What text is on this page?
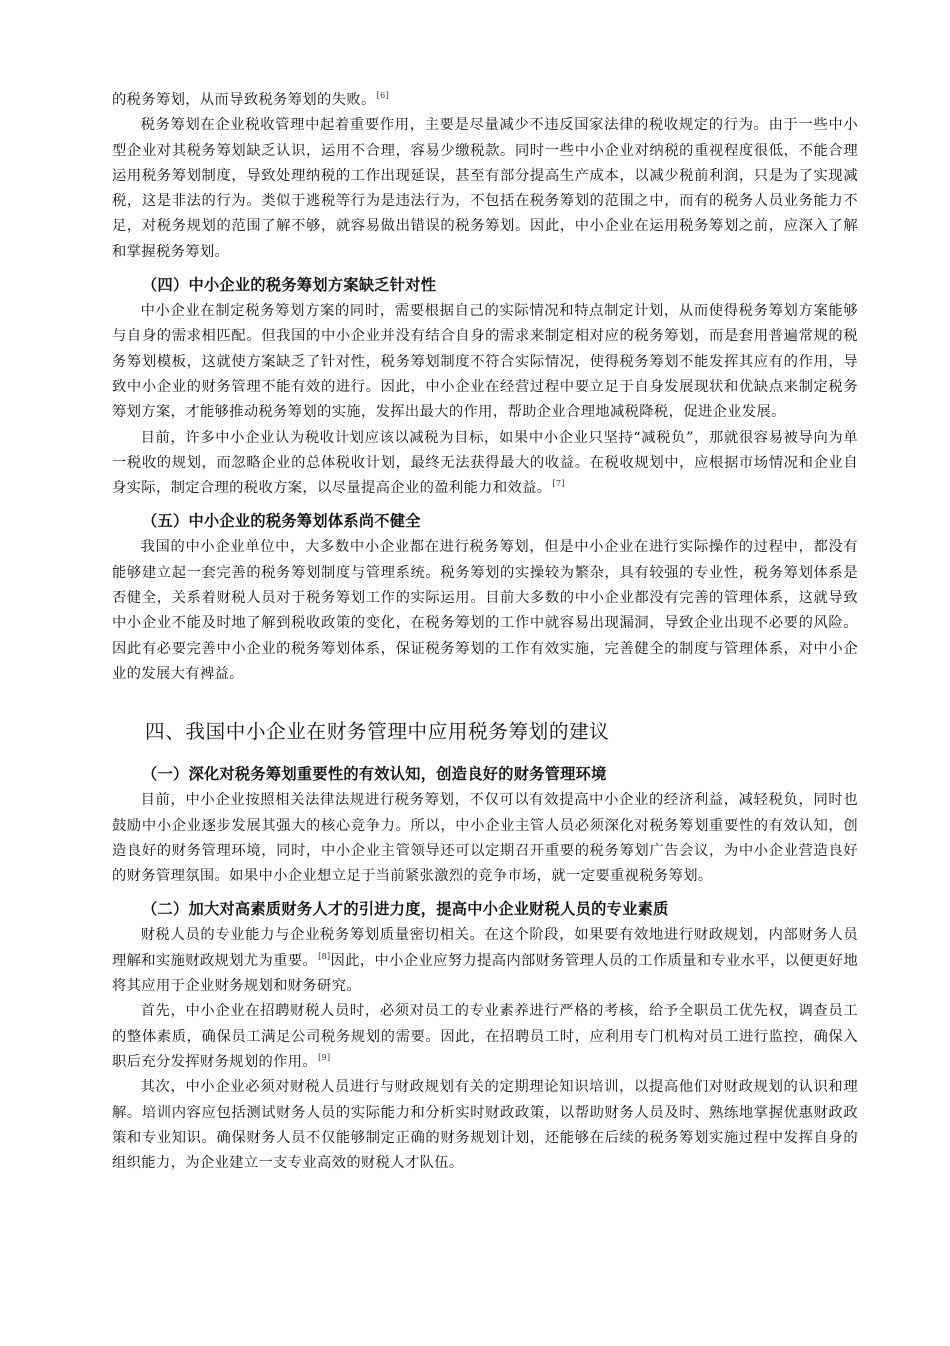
的税务筹划，从而导致税务筹划的失败。[6]

税务筹划在企业税收管理中起着重要作用，主要是尽量减少不违反国家法律的税收规定的行为。由于一些中小型企业对其税务筹划缺乏认识，运用不合理，容易少缴税款。同时一些中小企业对纳税的重视程度很低，不能合理运用税务筹划制度，导致处理纳税的工作出现延误，甚至有部分提高生产成本，以减少税前利润，只是为了实现减税，这是非法的行为。类似于逃税等行为是违法行为，不包括在税务筹划的范围之中，而有的税务人员业务能力不足，对税务规划的范围了解不够，就容易做出错误的税务筹划。因此，中小企业在运用税务筹划之前，应深入了解和掌握税务筹划。

（四）中小企业的税务筹划方案缺乏针对性

中小企业在制定税务筹划方案的同时，需要根据自己的实际情况和特点制定计划，从而使得税务筹划方案能够与自身的需求相匹配。但我国的中小企业并没有结合自身的需求来制定相对应的税务筹划，而是套用普遍常规的税务筹划模板，这就使方案缺乏了针对性，税务筹划制度不符合实际情况，使得税务筹划不能发挥其应有的作用，导致中小企业的财务管理不能有效的进行。因此，中小企业在经营过程中要立足于自身发展现状和优缺点来制定税务筹划方案，才能够推动税务筹划的实施，发挥出最大的作用，帮助企业合理地减税降税，促进企业发展。

目前，许多中小企业认为税收计划应该以减税为目标，如果中小企业只坚持“减税负”，那就很容易被导向为单一税收的规划，而忽略企业的总体税收计划，最终无法获得最大的收益。在税收规划中，应根据市场情况和企业自身实际，制定合理的税收方案，以尽量提高企业的盈利能力和效益。[7]

（五）中小企业的税务筹划体系尚不健全

我国的中小企业单位中，大多数中小企业都在进行税务筹划，但是中小企业在进行实际操作的过程中，都没有能够建立起一套完善的税务筹划制度与管理系统。税务筹划的实操较为繁杂，具有较强的专业性，税务筹划体系是否健全，关系着财税人员对于税务筹划工作的实际运用。目前大多数的中小企业都没有完善的管理体系，这就导致中小企业不能及时地了解到税收政策的变化，在税务筹划的工作中就容易出现漏洞，导致企业出现不必要的风险。因此有必要完善中小企业的税务筹划体系，保证税务筹划的工作有效实施，完善健全的制度与管理体系，对中小企业的发展大有裨益。

四、我国中小企业在财务管理中应用税务筹划的建议
（一）深化对税务筹划重要性的有效认知，创造良好的财务管理环境

目前，中小企业按照相关法律法规进行税务筹划，不仅可以有效提高中小企业的经济利益，减轻税负，同时也鼓励中小企业逐步发展其强大的核心竞争力。所以，中小企业主管人员必须深化对税务筹划重要性的有效认知，创造良好的财务管理环境，同时，中小企业主管领导还可以定期召开重要的税务筹划广告会议，为中小企业营造良好的财务管理氛围。如果中小企业想立足于当前紧张激烈的竞争市场，就一定要重视税务筹划。

（二）加大对高素质财务人才的引进力度，提高中小企业财税人员的专业素质

财税人员的专业能力与企业税务筹划质量密切相关。在这个阶段，如果要有效地进行财政规划，内部财务人员理解和实施财政规划尤为重要。[8]因此，中小企业应努力提高内部财务管理人员的工作质量和专业水平，以便更好地将其应用于企业财务规划和财务研究。

首先，中小企业在招聘财税人员时，必须对员工的专业素养进行严格的考核，给予全职员工优先权，调查员工的整体素质，确保员工满足公司税务规划的需要。因此，在招聘员工时，应利用专门机构对员工进行监控，确保入职后充分发挥财务规划的作用。[9]

其次，中小企业必须对财税人员进行与财政规划有关的定期理论知识培训，以提高他们对财政规划的认识和理解。培训内容应包括测试财务人员的实际能力和分析实时财政政策，以帮助财务人员及时、熟练地掌握优惠财政政策和专业知识。确保财务人员不仅能够制定正确的财务规划计划，还能够在后续的税务筹划实施过程中发挥自身的组织能力，为企业建立一支专业高效的财税人才队伍。
